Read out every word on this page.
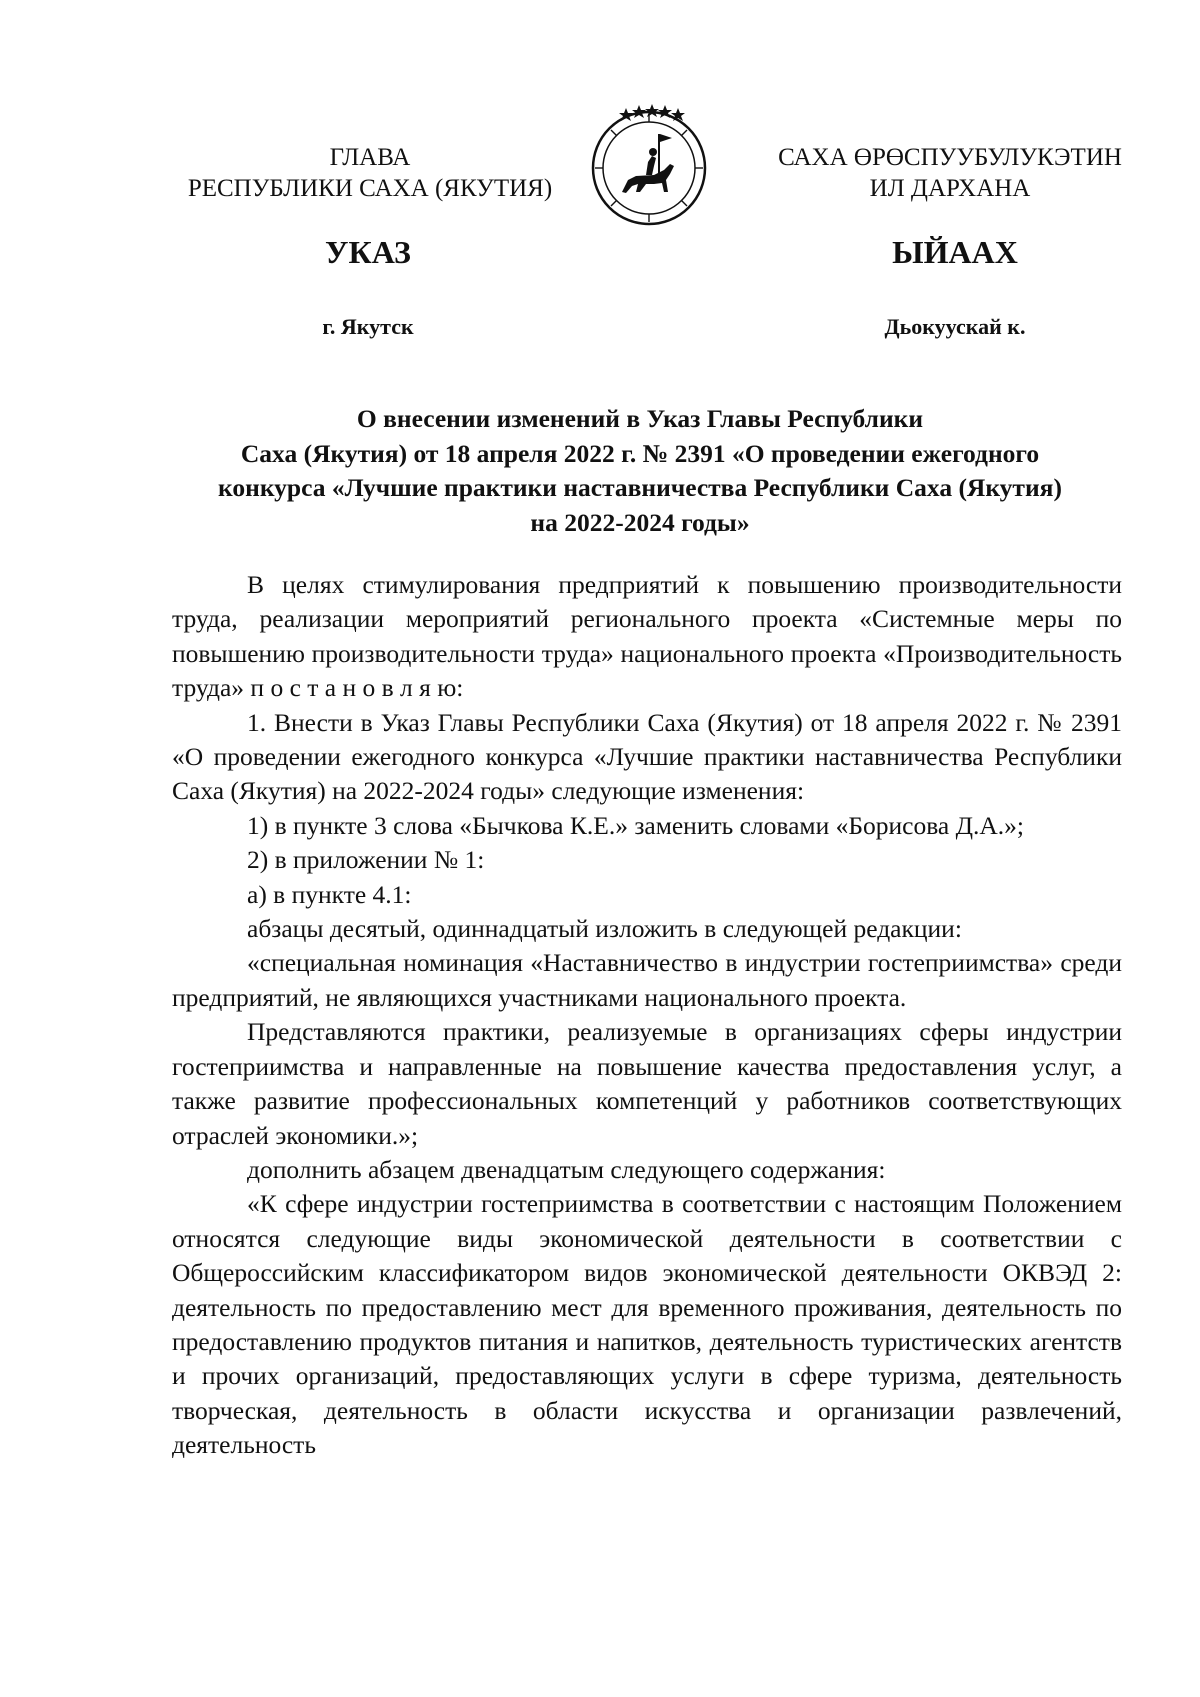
ГЛАВА
РЕСПУБЛИКИ САХА (ЯКУТИЯ)
САХА ӨРӨСПУУБУЛУКЭТИН
ИЛ ДАРХАНА
УКАЗ	ЫЙААХ
г. Якутск	Дьокуускай к.
О внесении изменений в Указ Главы Республики
Саха (Якутия) от 18 апреля 2022 г. № 2391 «О проведении ежегодного
конкурса «Лучшие практики наставничества Республики Саха (Якутия)
на 2022-2024 годы»

В целях стимулирования предприятий к повышению производительности труда, реализации мероприятий регионального проекта «Системные меры по повышению производительности труда» национального проекта «Производительность труда» п о с т а н о в л я ю:

1. Внести в Указ Главы Республики Саха (Якутия) от 18 апреля 2022 г. № 2391 «О проведении ежегодного конкурса «Лучшие практики наставничества Республики Саха (Якутия) на 2022-2024 годы» следующие изменения:

1) в пункте 3 слова «Бычкова К.Е.» заменить словами «Борисова Д.А.»;

2) в приложении № 1:

а) в пункте 4.1:

абзацы десятый, одиннадцатый изложить в следующей редакции:

«специальная номинация «Наставничество в индустрии гостеприимства» среди предприятий, не являющихся участниками национального проекта.

Представляются практики, реализуемые в организациях сферы индустрии гостеприимства и направленные на повышение качества предоставления услуг, а также развитие профессиональных компетенций у работников соответствующих отраслей экономики.»;

дополнить абзацем двенадцатым следующего содержания:

«К сфере индустрии гостеприимства в соответствии с настоящим Положением относятся следующие виды экономической деятельности в соответствии с Общероссийским классификатором видов экономической деятельности ОКВЭД 2: деятельность по предоставлению мест для временного проживания, деятельность по предоставлению продуктов питания и напитков, деятельность туристических агентств и прочих организаций, предоставляющих услуги в сфере туризма, деятельность творческая, деятельность в области искусства и организации развлечений, деятельность
